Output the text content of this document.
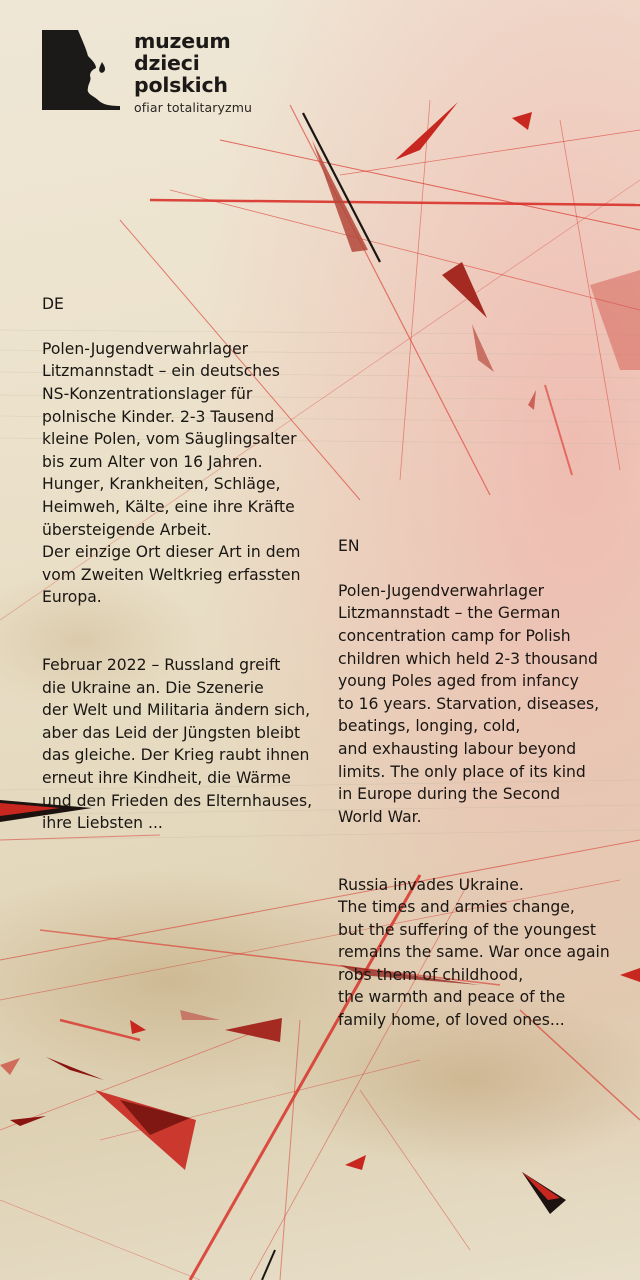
muzeum
dzieci
polskich
ofiar totalitaryzmu

DE

Polen-Jugendverwahrlager
Litzmannstadt – ein deutsches
NS-Konzentrationslager für
polnische Kinder. 2-3 Tausend
kleine Polen, vom Säuglingsalter
bis zum Alter von 16 Jahren.
Hunger, Krankheiten, Schläge,
Heimweh, Kälte, eine ihre Kräfte
übersteigende Arbeit.
Der einzige Ort dieser Art in dem
vom Zweiten Weltkrieg erfassten
Europa.

Februar 2022 – Russland greift
die Ukraine an. Die Szenerie
der Welt und Militaria ändern sich,
aber das Leid der Jüngsten bleibt
das gleiche. Der Krieg raubt ihnen
erneut ihre Kindheit, die Wärme
und den Frieden des Elternhauses,
ihre Liebsten ...

EN

Polen-Jugendverwahrlager
Litzmannstadt – the German
concentration camp for Polish
children which held 2-3 thousand
young Poles aged from infancy
to 16 years. Starvation, diseases,
beatings, longing, cold,
and exhausting labour beyond
limits. The only place of its kind
in Europe during the Second
World War.

Russia invades Ukraine.
The times and armies change,
but the suffering of the youngest
remains the same. War once again
robs them of childhood,
the warmth and peace of the
family home, of loved ones...
